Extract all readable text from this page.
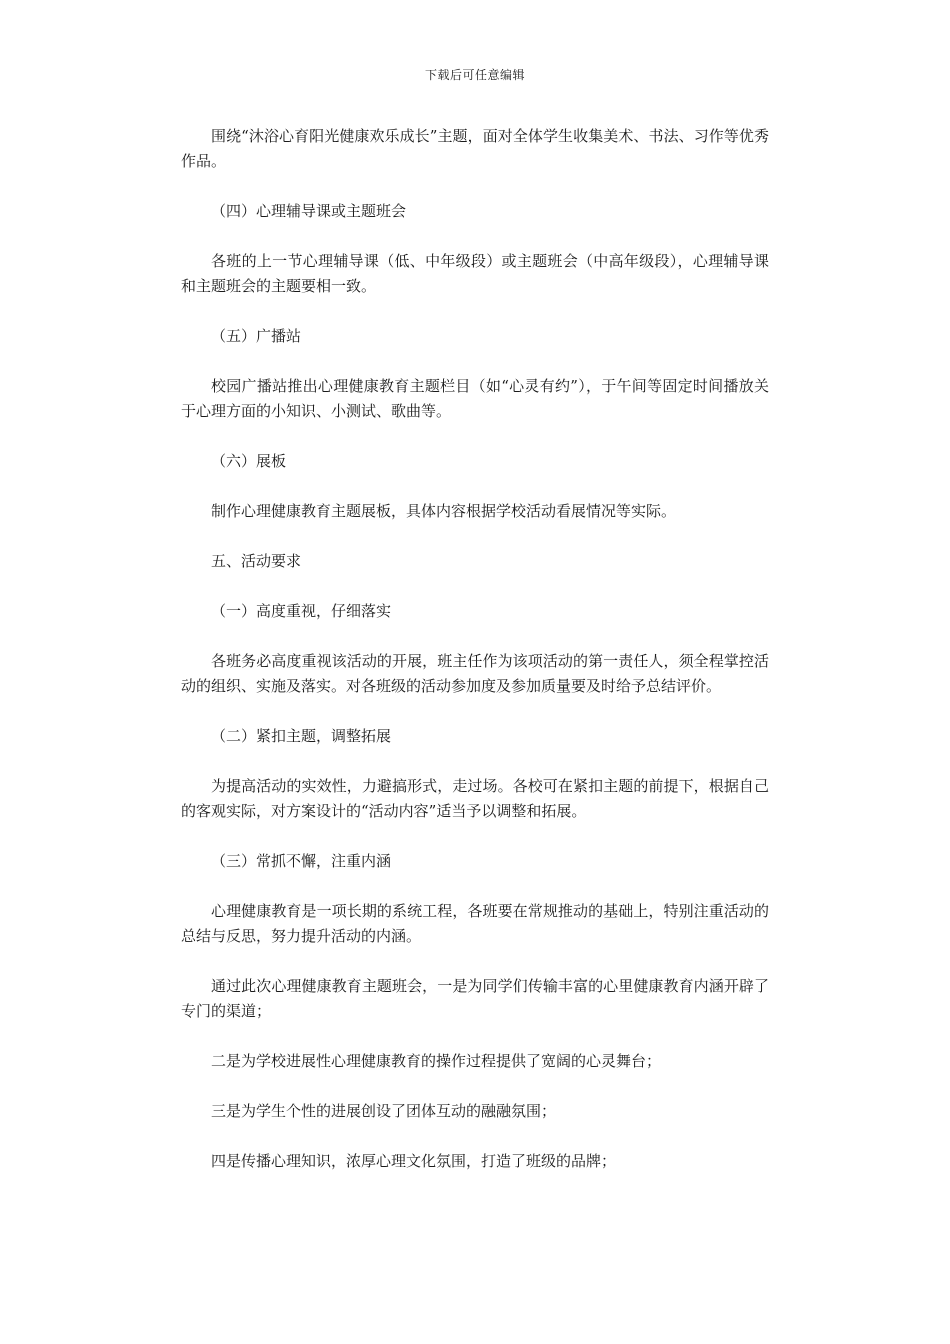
下载后可任意编辑

围绕“沐浴心育阳光健康欢乐成长”主题，面对全体学生收集美术、书法、习作等优秀作品。

（四）心理辅导课或主题班会

各班的上一节心理辅导课（低、中年级段）或主题班会（中高年级段），心理辅导课和主题班会的主题要相一致。

（五）广播站

校园广播站推出心理健康教育主题栏目（如“心灵有约”），于午间等固定时间播放关于心理方面的小知识、小测试、歌曲等。

（六）展板

制作心理健康教育主题展板，具体内容根据学校活动看展情况等实际。

五、活动要求

（一）高度重视，仔细落实

各班务必高度重视该活动的开展，班主任作为该项活动的第一责任人，须全程掌控活动的组织、实施及落实。对各班级的活动参加度及参加质量要及时给予总结评价。

（二）紧扣主题，调整拓展

为提高活动的实效性，力避搞形式，走过场。各校可在紧扣主题的前提下，根据自己的客观实际，对方案设计的“活动内容”适当予以调整和拓展。

（三）常抓不懈，注重内涵

心理健康教育是一项长期的系统工程，各班要在常规推动的基础上，特别注重活动的总结与反思，努力提升活动的内涵。

通过此次心理健康教育主题班会，一是为同学们传输丰富的心里健康教育内涵开辟了专门的渠道；

二是为学校进展性心理健康教育的操作过程提供了宽阔的心灵舞台；

三是为学生个性的进展创设了团体互动的融融氛围；

四是传播心理知识，浓厚心理文化氛围，打造了班级的品牌；
